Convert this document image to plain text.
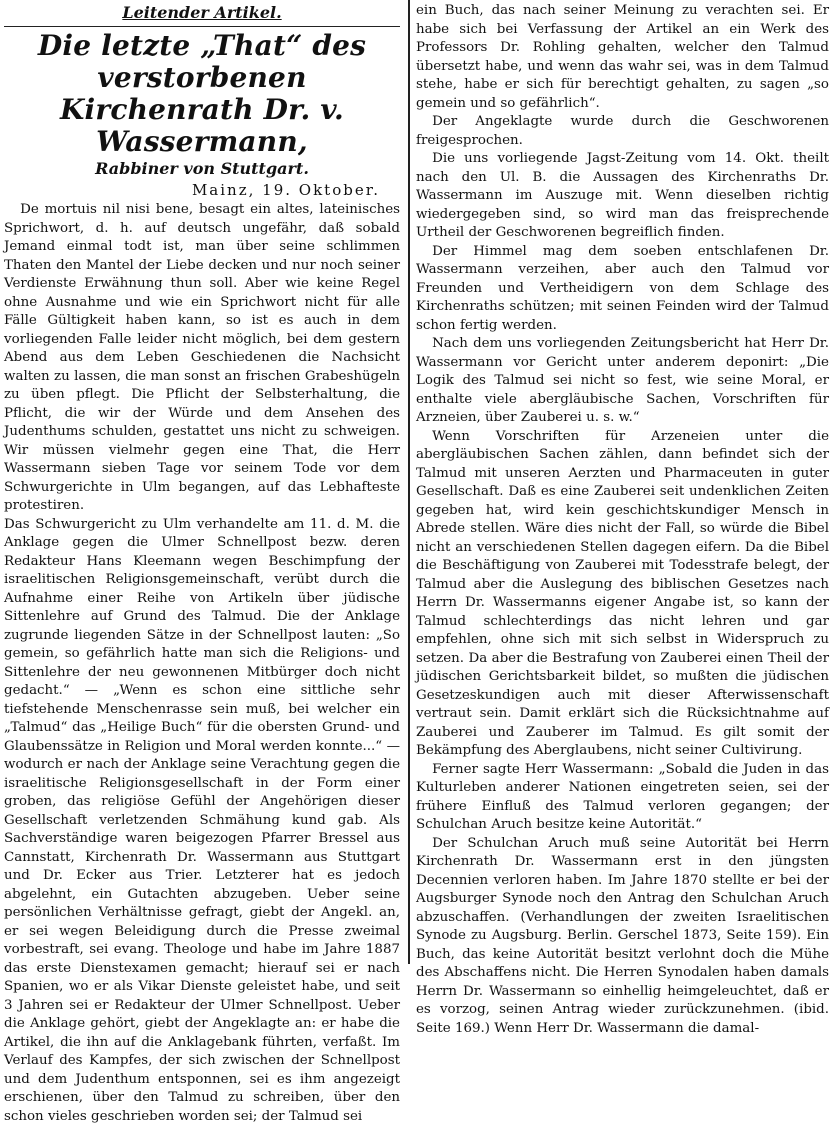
Leitender Artikel.
Die letzte „That“ des verstorbenen
Kirchenrath Dr. v. Wassermann,
Rabbiner von Stuttgart.
Mainz, 19. Oktober.

De mortuis nil nisi bene, besagt ein altes, lateinisches Sprichwort, d. h. auf deutsch ungefähr, daß sobald Jemand einmal todt ist, man über seine schlimmen Thaten den Mantel der Liebe decken und nur noch seiner Verdienste Erwähnung thun soll. Aber wie keine Regel ohne Ausnahme und wie ein Sprichwort nicht für alle Fälle Gültigkeit haben kann, so ist es auch in dem vorliegenden Falle leider nicht möglich, bei dem gestern Abend aus dem Leben Geschiedenen die Nachsicht walten zu lassen, die man sonst an frischen Grabeshügeln zu üben pflegt. Die Pflicht der Selbsterhaltung, die Pflicht, die wir der Würde und dem Ansehen des Judenthums schulden, gestattet uns nicht zu schweigen. Wir müssen vielmehr gegen eine That, die Herr Wassermann sieben Tage vor seinem Tode vor dem Schwurgerichte in Ulm begangen, auf das Lebhafteste protestiren.

Das Schwurgericht zu Ulm verhandelte am 11. d. M. die Anklage gegen die Ulmer Schnellpost bezw. deren Redakteur Hans Kleemann wegen Beschimpfung der israelitischen Religionsgemeinschaft, verübt durch die Aufnahme einer Reihe von Artikeln über jüdische Sittenlehre auf Grund des Talmud. Die der Anklage zugrunde liegenden Sätze in der Schnellpost lauten: „So gemein, so gefährlich hatte man sich die Religions- und Sittenlehre der neu gewonnenen Mitbürger doch nicht gedacht.“ — „Wenn es schon eine sittliche sehr tiefstehende Menschenrasse sein muß, bei welcher ein „Talmud“ das „Heilige Buch“ für die obersten Grund- und Glaubenssätze in Religion und Moral werden konnte...“ — wodurch er nach der Anklage seine Verachtung gegen die israelitische Religionsgesellschaft in der Form einer groben, das religiöse Gefühl der Angehörigen dieser Gesellschaft verletzenden Schmähung kund gab. Als Sachverständige waren beigezogen Pfarrer Bressel aus Cannstatt, Kirchenrath Dr. Wassermann aus Stuttgart und Dr. Ecker aus Trier. Letzterer hat es jedoch abgelehnt, ein Gutachten abzugeben. Ueber seine persönlichen Verhältnisse gefragt, giebt der Angekl. an, er sei wegen Beleidigung durch die Presse zweimal vorbestraft, sei evang. Theologe und habe im Jahre 1887 das erste Dienstexamen gemacht; hierauf sei er nach Spanien, wo er als Vikar Dienste geleistet habe, und seit 3 Jahren sei er Redakteur der Ulmer Schnellpost. Ueber die Anklage gehört, giebt der Angeklagte an: er habe die Artikel, die ihn auf die Anklagebank führten, verfaßt. Im Verlauf des Kampfes, der sich zwischen der Schnellpost und dem Judenthum entsponnen, sei es ihm angezeigt erschienen, über den Talmud zu schreiben, über den schon vieles geschrieben worden sei; der Talmud sei

ein Buch, das nach seiner Meinung zu verachten sei. Er habe sich bei Verfassung der Artikel an ein Werk des Professors Dr. Rohling gehalten, welcher den Talmud übersetzt habe, und wenn das wahr sei, was in dem Talmud stehe, habe er sich für berechtigt gehalten, zu sagen „so gemein und so gefährlich“.

Der Angeklagte wurde durch die Geschworenen freigesprochen.

Die uns vorliegende Jagst-Zeitung vom 14. Okt. theilt nach den Ul. B. die Aussagen des Kirchenraths Dr. Wassermann im Auszuge mit. Wenn dieselben richtig wiedergegeben sind, so wird man das freisprechende Urtheil der Geschworenen begreiflich finden.

Der Himmel mag dem soeben entschlafenen Dr. Wassermann verzeihen, aber auch den Talmud vor Freunden und Vertheidigern von dem Schlage des Kirchenraths schützen; mit seinen Feinden wird der Talmud schon fertig werden.

Nach dem uns vorliegenden Zeitungsbericht hat Herr Dr. Wassermann vor Gericht unter anderem deponirt: „Die Logik des Talmud sei nicht so fest, wie seine Moral, er enthalte viele abergläubische Sachen, Vorschriften für Arzneien, über Zauberei u. s. w.“

Wenn Vorschriften für Arzeneien unter die abergläubischen Sachen zählen, dann befindet sich der Talmud mit unseren Aerzten und Pharmaceuten in guter Gesellschaft. Daß es eine Zauberei seit undenklichen Zeiten gegeben hat, wird kein geschichtskundiger Mensch in Abrede stellen. Wäre dies nicht der Fall, so würde die Bibel nicht an verschiedenen Stellen dagegen eifern. Da die Bibel die Beschäftigung von Zauberei mit Todesstrafe belegt, der Talmud aber die Auslegung des biblischen Gesetzes nach Herrn Dr. Wassermanns eigener Angabe ist, so kann der Talmud schlechterdings das nicht lehren und gar empfehlen, ohne sich mit sich selbst in Widerspruch zu setzen. Da aber die Bestrafung von Zauberei einen Theil der jüdischen Gerichtsbarkeit bildet, so mußten die jüdischen Gesetzeskundigen auch mit dieser Afterwissenschaft vertraut sein. Damit erklärt sich die Rücksichtnahme auf Zauberei und Zauberer im Talmud. Es gilt somit der Bekämpfung des Aberglaubens, nicht seiner Cultivirung.

Ferner sagte Herr Wassermann: „Sobald die Juden in das Kulturleben anderer Nationen eingetreten seien, sei der frühere Einfluß des Talmud verloren gegangen; der Schulchan Aruch besitze keine Autorität.“

Der Schulchan Aruch muß seine Autorität bei Herrn Kirchenrath Dr. Wassermann erst in den jüngsten Decennien verloren haben. Im Jahre 1870 stellte er bei der Augsburger Synode noch den Antrag den Schulchan Aruch abzuschaffen. (Verhandlungen der zweiten Israelitischen Synode zu Augsburg. Berlin. Gerschel 1873, Seite 159). Ein Buch, das keine Autorität besitzt verlohnt doch die Mühe des Abschaffens nicht. Die Herren Synodalen haben damals Herrn Dr. Wassermann so einhellig heimgeleuchtet, daß er es vorzog, seinen Antrag wieder zurückzunehmen. (ibid. Seite 169.) Wenn Herr Dr. Wassermann die damal-
